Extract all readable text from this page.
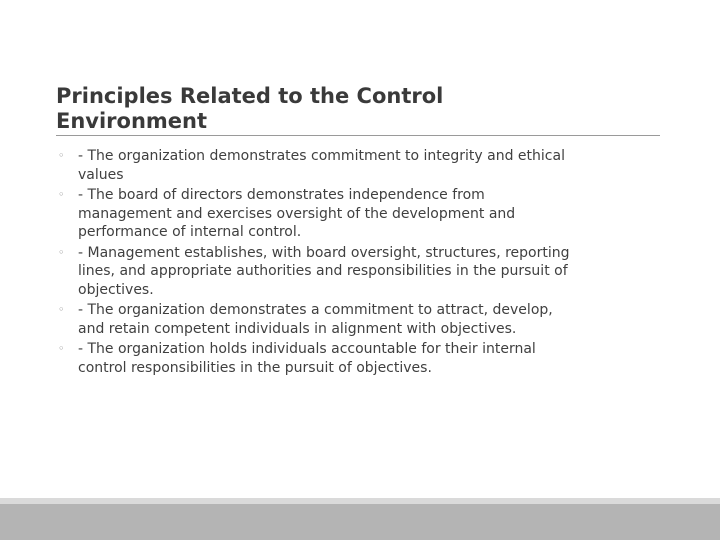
Principles Related to the Control Environment
◦ - The organization demonstrates commitment to integrity and ethical values
◦ - The board of directors demonstrates independence from management and exercises oversight of the development and performance of internal control.
◦ - Management establishes, with board oversight, structures, reporting lines, and appropriate authorities and responsibilities in the pursuit of objectives.
◦ - The organization demonstrates a commitment to attract, develop, and retain competent individuals in alignment with objectives.
◦ - The organization holds individuals accountable for their internal control responsibilities in the pursuit of objectives.
